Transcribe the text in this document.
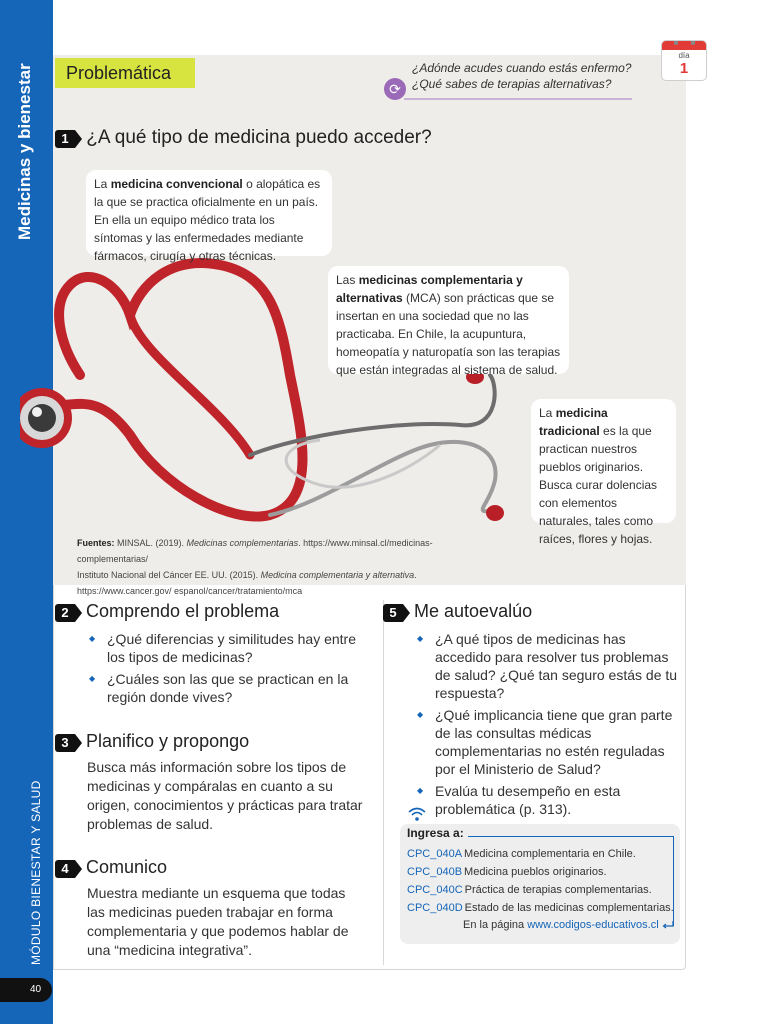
Medicinas y bienestar
MÓDULO BIENESTAR Y SALUD
40
Problemática	¿Adónde acudes cuando estás enfermo?
¿Qué sabes de terapias alternativas?
⟳
día
1
1 ¿A qué tipo de medicina puedo acceder?
La medicina convencional o alopática es la que se practica oficialmente en un país. En ella un equipo médico trata los síntomas y las enfermedades mediante fármacos, cirugía y otras técnicas.
Las medicinas complementaria y alternativas (MCA) son prácticas que se insertan en una sociedad que no las practicaba. En Chile, la acupuntura, homeopatía y naturopatía son las terapias que están integradas al sistema de salud.
La medicina tradicional es la que practican nuestros pueblos originarios. Busca curar dolencias con elementos naturales, tales como raíces, flores y hojas.
Fuentes: MINSAL. (2019). Medicinas complementarias. https://www.minsal.cl/medicinas-complementarias/
Instituto Nacional del Cáncer EE. UU. (2015). Medicina complementaria y alternativa. https://www.cancer.gov/ espanol/cancer/tratamiento/mca
2 Comprendo el problema
◆ ¿Qué diferencias y similitudes hay entre los tipos de medicinas?
◆ ¿Cuáles son las que se practican en la región donde vives?
3 Planifico y propongo
Busca más información sobre los tipos de medicinas y compáralas en cuanto a su origen, conocimientos y prácticas para tratar problemas de salud.
4 Comunico
Muestra mediante un esquema que todas las medicinas pueden trabajar en forma complementaria y que podemos hablar de una “medicina integrativa”.
5 Me autoevalúo
◆ ¿A qué tipos de medicinas has accedido para resolver tus problemas de salud? ¿Qué tan seguro estás de tu respuesta?
◆ ¿Qué implicancia tiene que gran parte de las consultas médicas complementarias no estén reguladas por el Ministerio de Salud?
◆ Evalúa tu desempeño en esta problemática (p. 313).
Ingresa a:
CPC_040A Medicina complementaria en Chile.
CPC_040B Medicina pueblos originarios.
CPC_040C Práctica de terapias complementarias.
CPC_040D Estado de las medicinas complementarias.
En la página www.codigos-educativos.cl
